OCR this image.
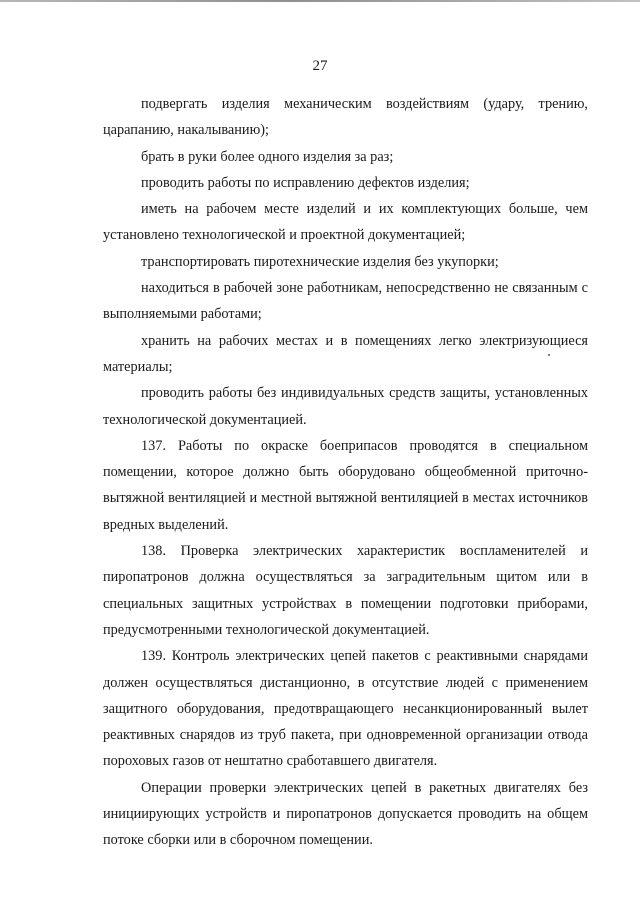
27

подвергать изделия механическим воздействиям (удару, трению, царапанию, накалыванию);

брать в руки более одного изделия за раз;

проводить работы по исправлению дефектов изделия;

иметь на рабочем месте изделий и их комплектующих больше, чем установлено технологической и проектной документацией;

транспортировать пиротехнические изделия без укупорки;

находиться в рабочей зоне работникам, непосредственно не связанным с выполняемыми работами;

хранить на рабочих местах и в помещениях легко электризующиеся материалы;

проводить работы без индивидуальных средств защиты, установленных технологической документацией.

137. Работы по окраске боеприпасов проводятся в специальном помещении, которое должно быть оборудовано общеобменной приточно-вытяжной вентиляцией и местной вытяжной вентиляцией в местах источников вредных выделений.

138. Проверка электрических характеристик воспламенителей и пиропатронов должна осуществляться за заградительным щитом или в специальных защитных устройствах в помещении подготовки приборами, предусмотренными технологической документацией.

139. Контроль электрических цепей пакетов с реактивными снарядами должен осуществляться дистанционно, в отсутствие людей с применением защитного оборудования, предотвращающего несанкционированный вылет реактивных снарядов из труб пакета, при одновременной организации отвода пороховых газов от нештатно сработавшего двигателя.

Операции проверки электрических цепей в ракетных двигателях без инициирующих устройств и пиропатронов допускается проводить на общем потоке сборки или в сборочном помещении.
